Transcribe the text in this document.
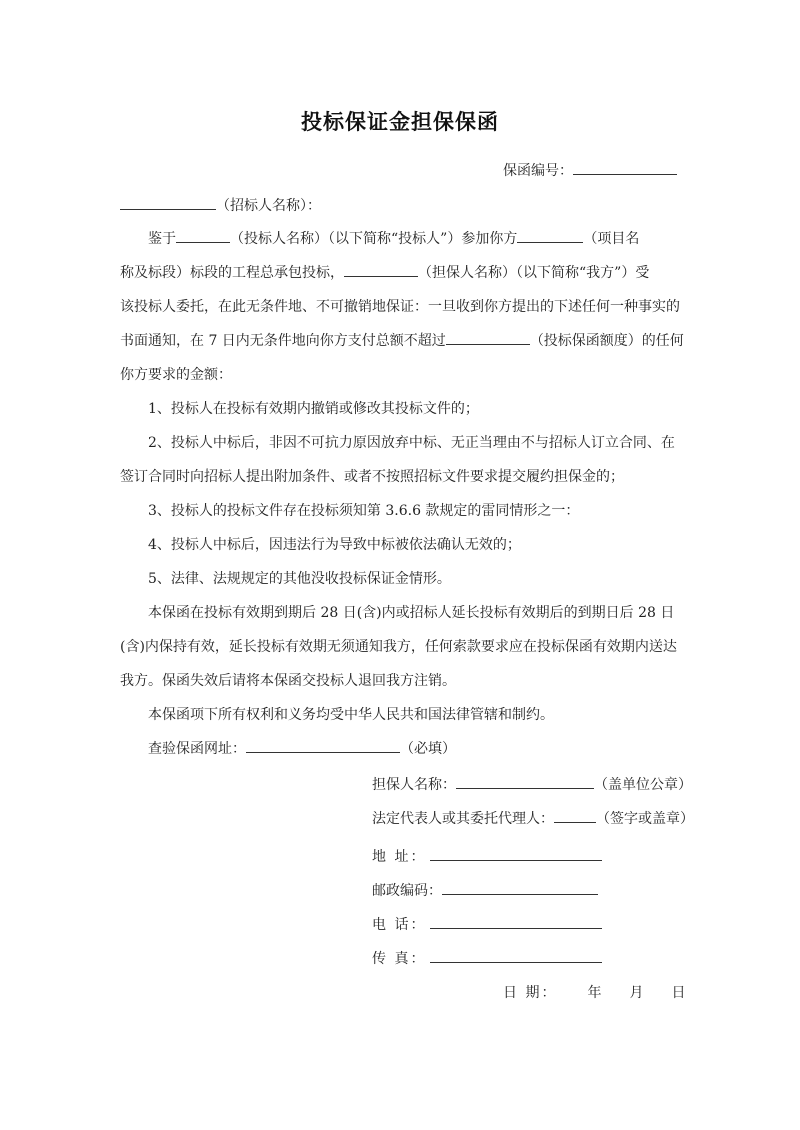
投标保证金担保保函
保函编号：
（招标人名称）：
鉴于	（投标人名称）（以下简称“投标人”）参加你方	（项目名
称及标段）标段的工程总承包投标，	（担保人名称）（以下简称“我方”）受
该投标人委托，在此无条件地、不可撤销地保证：一旦收到你方提出的下述任何一种事实的
书面通知，在 7 日内无条件地向你方支付总额不超过	（投标保函额度）的任何
你方要求的金额：
1、投标人在投标有效期内撤销或修改其投标文件的；
2、投标人中标后，非因不可抗力原因放弃中标、无正当理由不与招标人订立合同、在
签订合同时向招标人提出附加条件、或者不按照招标文件要求提交履约担保金的；
3、投标人的投标文件存在投标须知第 3.6.6 款规定的雷同情形之一：
4、投标人中标后，因违法行为导致中标被依法确认无效的；
5、法律、法规规定的其他没收投标保证金情形。
本保函在投标有效期到期后 28 日(含)内或招标人延长投标有效期后的到期日后 28 日
(含)内保持有效，延长投标有效期无须通知我方，任何索款要求应在投标保函有效期内送达
我方。保函失效后请将本保函交投标人退回我方注销。
本保函项下所有权利和义务均受中华人民共和国法律管辖和制约。
查验保函网址：	（必填）
担保人名称：	（盖单位公章）
法定代表人或其委托代理人：	（签字或盖章）
地 址：
邮政编码：
电 话：
传 真：
日 期： 年 月 日
